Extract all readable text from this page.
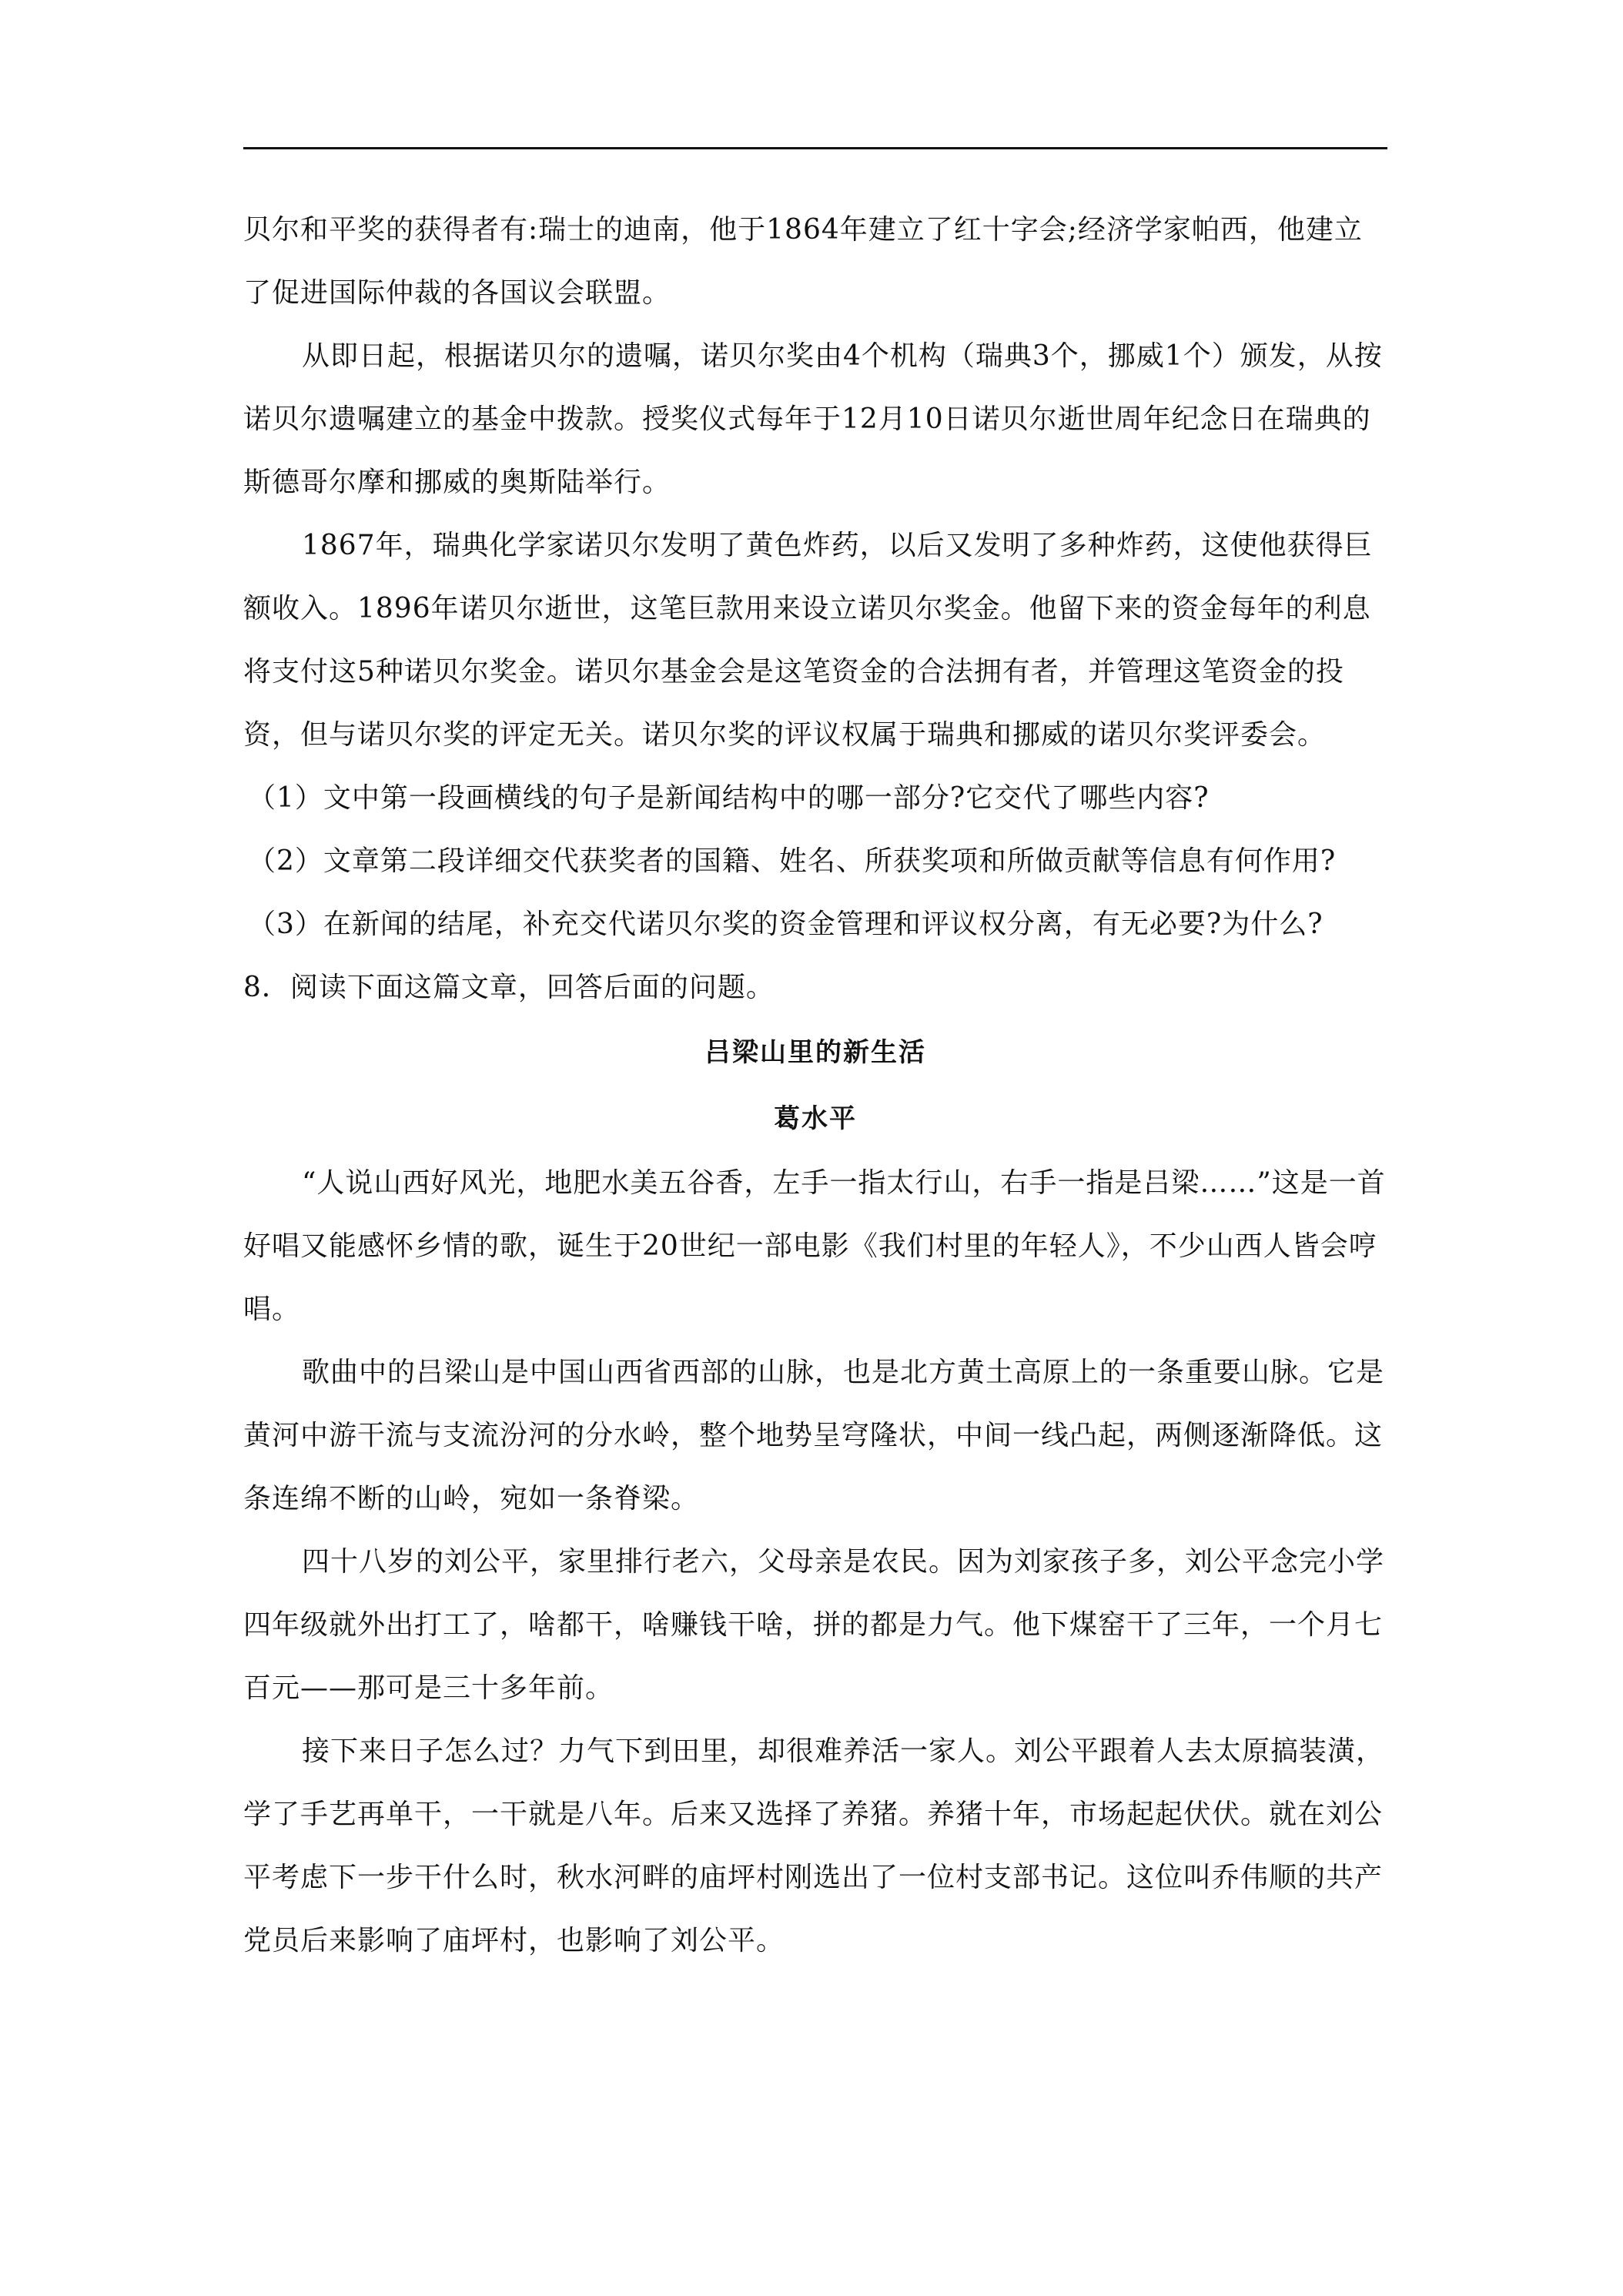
贝尔和平奖的获得者有:瑞士的迪南，他于1864年建立了红十字会;经济学家帕西，他建立了促进国际仲裁的各国议会联盟。

从即日起，根据诺贝尔的遗嘱，诺贝尔奖由4个机构（瑞典3个，挪威1个）颁发，从按诺贝尔遗嘱建立的基金中拨款。授奖仪式每年于12月10日诺贝尔逝世周年纪念日在瑞典的斯德哥尔摩和挪威的奥斯陆举行。

1867年，瑞典化学家诺贝尔发明了黄色炸药，以后又发明了多种炸药，这使他获得巨额收入。1896年诺贝尔逝世，这笔巨款用来设立诺贝尔奖金。他留下来的资金每年的利息将支付这5种诺贝尔奖金。诺贝尔基金会是这笔资金的合法拥有者，并管理这笔资金的投资，但与诺贝尔奖的评定无关。诺贝尔奖的评议权属于瑞典和挪威的诺贝尔奖评委会。

（1）文中第一段画横线的句子是新闻结构中的哪一部分?它交代了哪些内容?

（2）文章第二段详细交代获奖者的国籍、姓名、所获奖项和所做贡献等信息有何作用?

（3）在新闻的结尾，补充交代诺贝尔奖的资金管理和评议权分离，有无必要?为什么?

8．阅读下面这篇文章，回答后面的问题。

吕梁山里的新生活

葛水平

“人说山西好风光，地肥水美五谷香，左手一指太行山，右手一指是吕梁……”这是一首好唱又能感怀乡情的歌，诞生于20世纪一部电影《我们村里的年轻人》，不少山西人皆会哼唱。

歌曲中的吕梁山是中国山西省西部的山脉，也是北方黄土高原上的一条重要山脉。它是黄河中游干流与支流汾河的分水岭，整个地势呈穹隆状，中间一线凸起，两侧逐渐降低。这条连绵不断的山岭，宛如一条脊梁。

四十八岁的刘公平，家里排行老六，父母亲是农民。因为刘家孩子多，刘公平念完小学四年级就外出打工了，啥都干，啥赚钱干啥，拼的都是力气。他下煤窑干了三年，一个月七百元——那可是三十多年前。

接下来日子怎么过？力气下到田里，却很难养活一家人。刘公平跟着人去太原搞装潢，学了手艺再单干，一干就是八年。后来又选择了养猪。养猪十年，市场起起伏伏。就在刘公平考虑下一步干什么时，秋水河畔的庙坪村刚选出了一位村支部书记。这位叫乔伟顺的共产党员后来影响了庙坪村，也影响了刘公平。
